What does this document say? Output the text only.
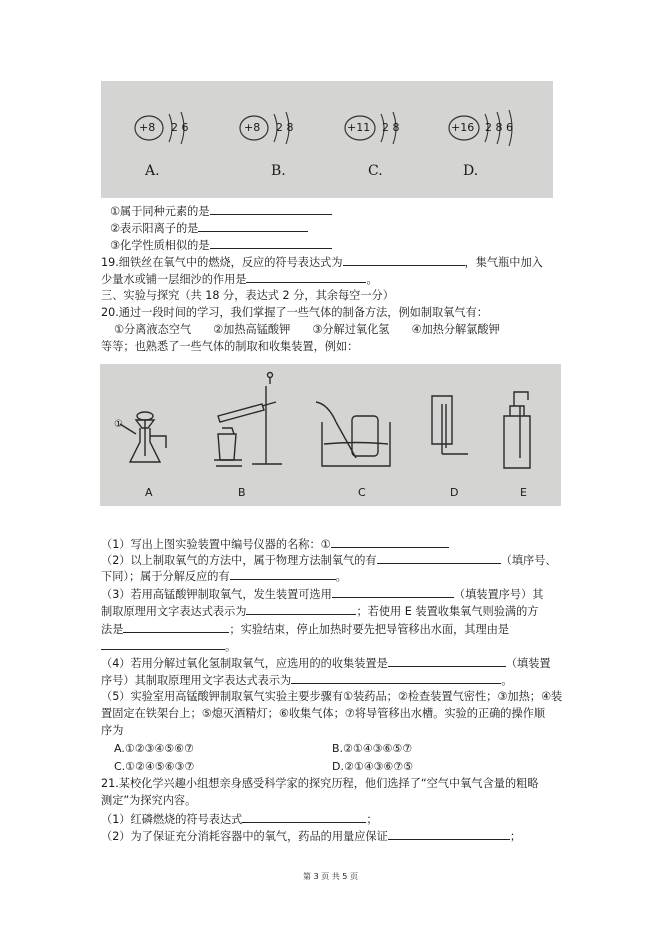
+8 2 6
A.
+8 2 8
B.
+11 2 8
C.
+16 2 8 6
D.
①属于同种元素的是
②表示阳离子的是
③化学性质相似的是
19.细铁丝在氧气中的燃烧，反应的符号表达式为	，集气瓶中加入
少量水或铺一层细沙的作用是	。
三、实验与探究（共 18 分，表达式 2 分，其余每空一分）
20.通过一段时间的学习，我们掌握了一些气体的制备方法，例如制取氧气有：
①分离液态空气 ②加热高锰酸钾 ③分解过氧化氢 ④加热分解氯酸钾
等等；也熟悉了一些气体的制取和收集装置，例如：
①
A	B	C	D	E
（1）写出上图实验装置中编号仪器的名称：①
（2）以上制取氧气的方法中，属于物理方法制氧气的有	（填序号、
下同）；属于分解反应的有	。
（3）若用高锰酸钾制取氧气，发生装置可选用	（填装置序号）其
制取原理用文字表达式表示为	；若使用 E 装置收集氧气则验满的方
法是	；实验结束，停止加热时要先把导管移出水面，其理由是
。
（4）若用分解过氧化氢制取氧气，应选用的的收集装置是	（填装置
序号）其制取原理用文字表达式表示为	。
（5）实验室用高锰酸钾制取氧气实验主要步骤有①装药品；②检查装置气密性；③加热；④装
置固定在铁架台上；⑤熄灭酒精灯；⑥收集气体；⑦将导管移出水槽。实验的正确的操作顺
序为
A.①②③④⑤⑥⑦	B.②①④③⑥⑤⑦
C.①②④⑤⑥③⑦	D.②①④③⑥⑦⑤
21.某校化学兴趣小组想亲身感受科学家的探究历程，他们选择了“空气中氧气含量的粗略
测定”为探究内容。
（1）红磷燃烧的符号表达式	；
（2）为了保证充分消耗容器中的氧气，药品的用量应保证	；
第 3 页 共 5 页
